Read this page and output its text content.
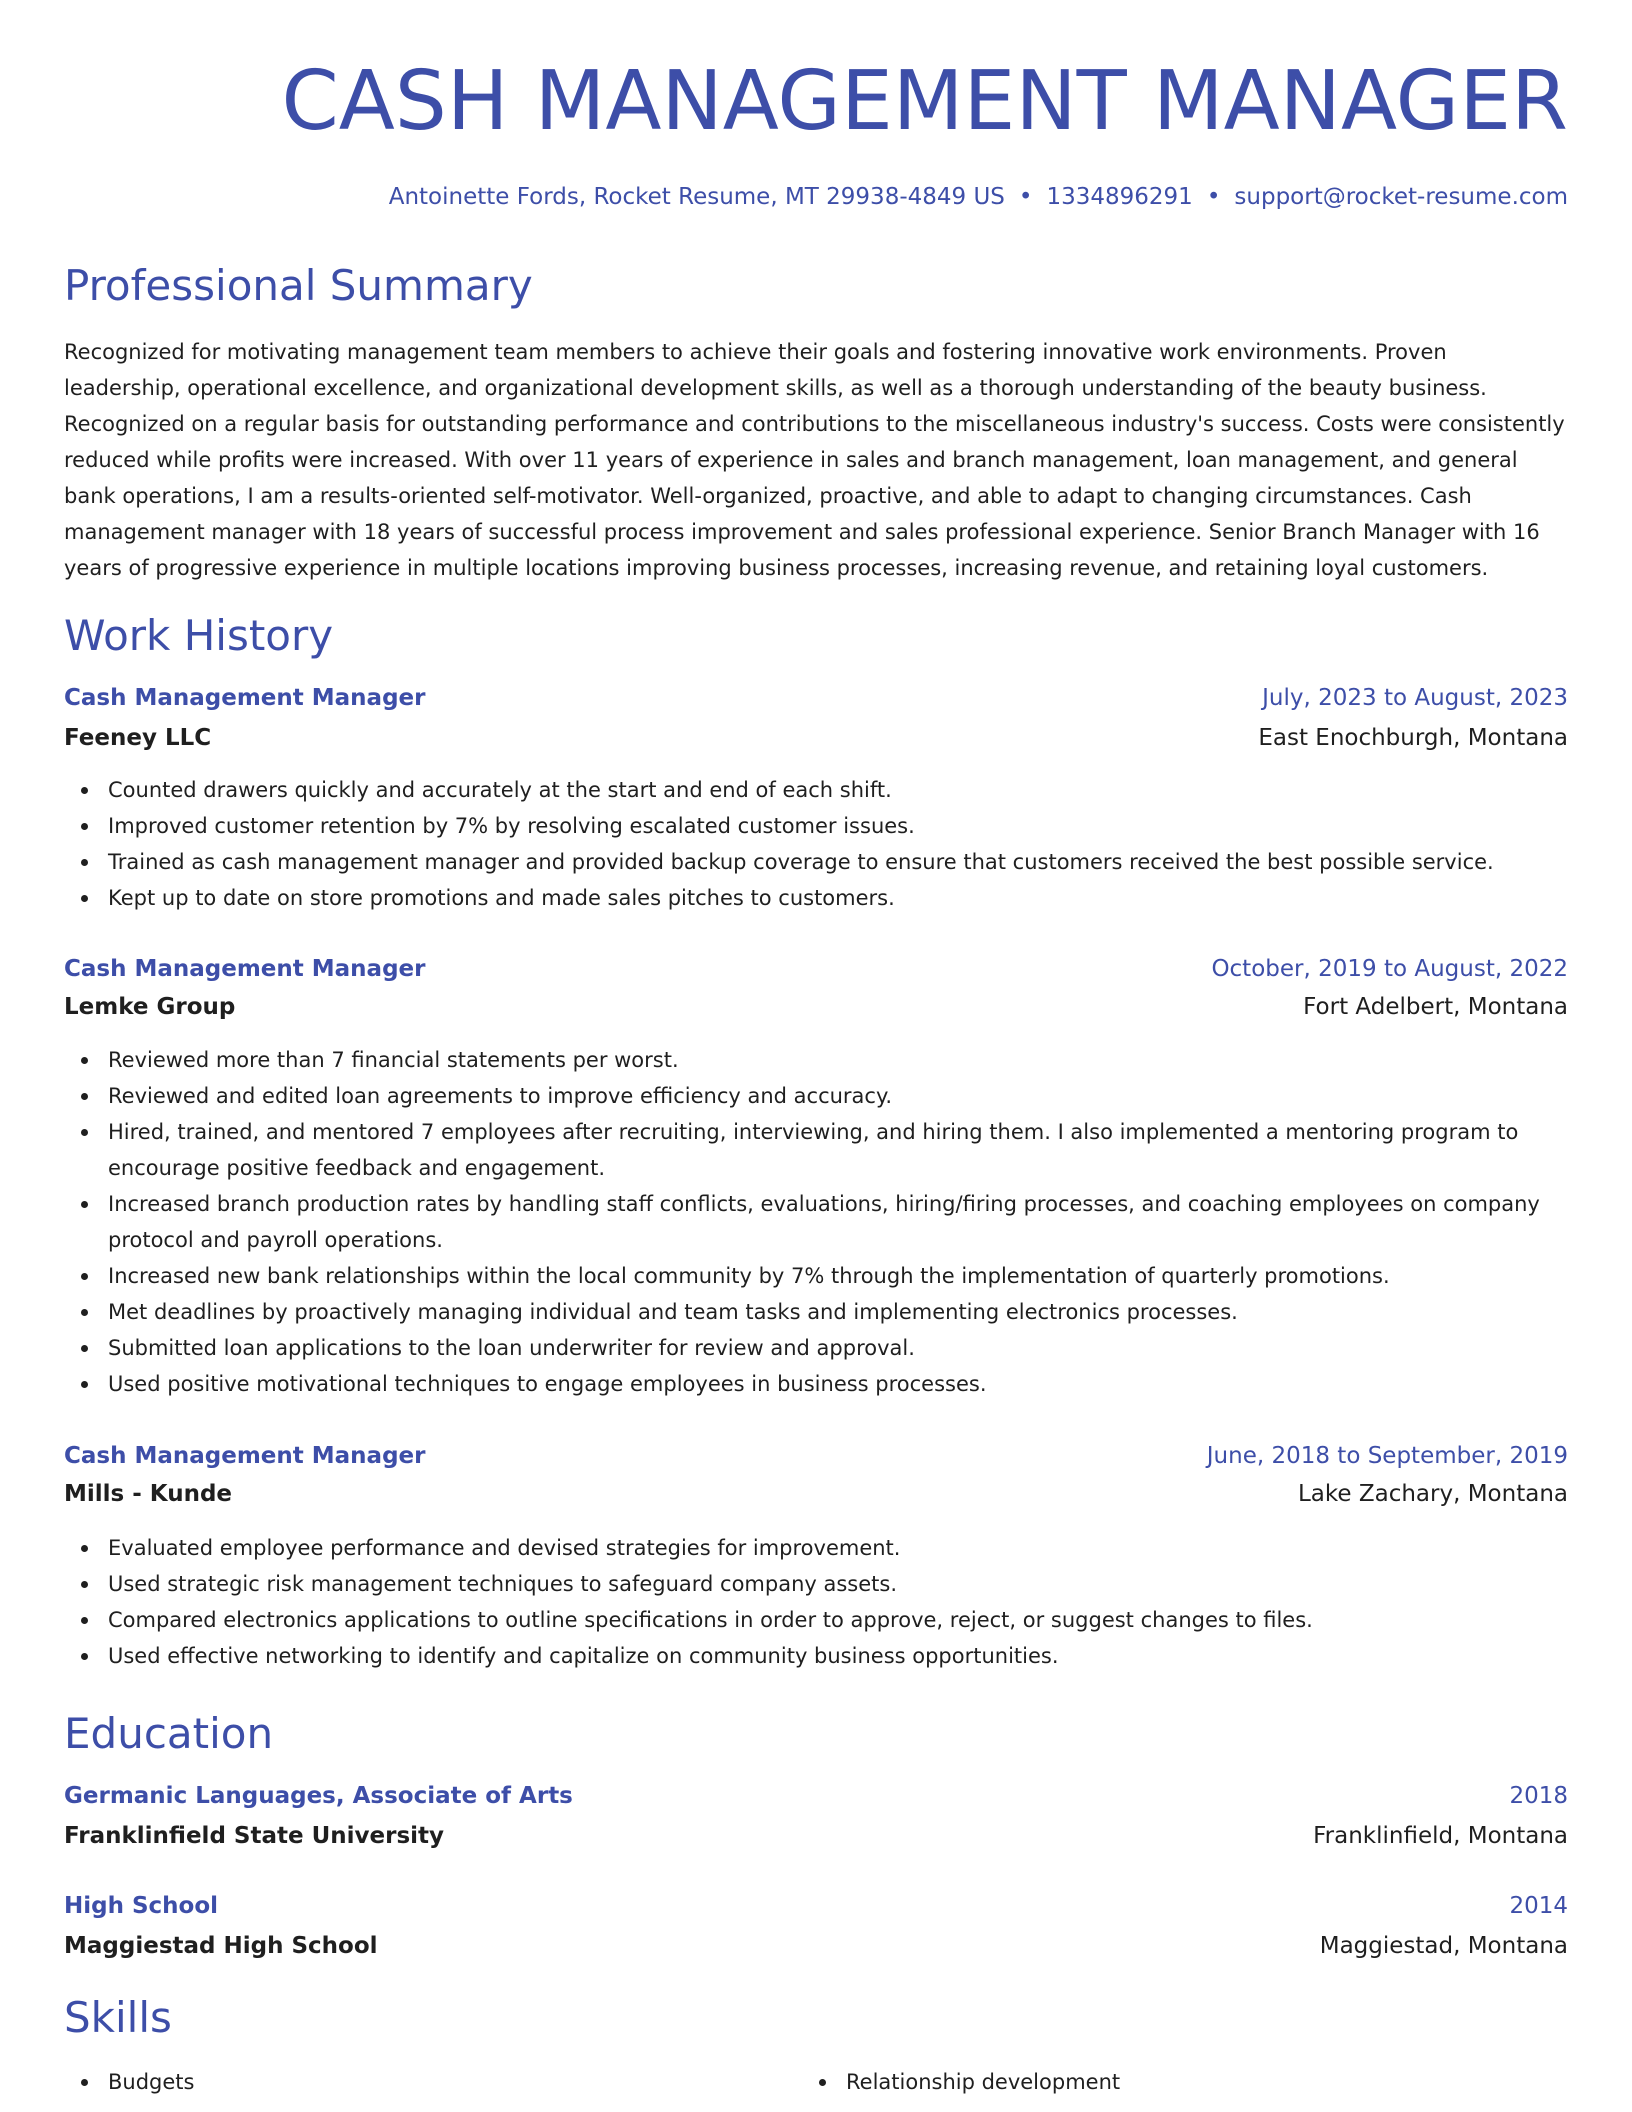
CASH MANAGEMENT MANAGER
Antoinette Fords, Rocket Resume, MT 29938-4849 US • 1334896291 • support@rocket-resume.com
Professional Summary

Recognized for motivating management team members to achieve their goals and fostering innovative work environments. Proven leadership, operational excellence, and organizational development skills, as well as a thorough understanding of the beauty business. Recognized on a regular basis for outstanding performance and contributions to the miscellaneous industry's success. Costs were consistently reduced while profits were increased. With over 11 years of experience in sales and branch management, loan management, and general bank operations, I am a results-oriented self-motivator. Well-organized, proactive, and able to adapt to changing circumstances. Cash management manager with 18 years of successful process improvement and sales professional experience. Senior Branch Manager with 16 years of progressive experience in multiple locations improving business processes, increasing revenue, and retaining loyal customers.

Work History
Cash Management Manager	July, 2023 to August, 2023
Feeney LLC	East Enochburgh, Montana
Counted drawers quickly and accurately at the start and end of each shift.
Improved customer retention by 7% by resolving escalated customer issues.
Trained as cash management manager and provided backup coverage to ensure that customers received the best possible service.
Kept up to date on store promotions and made sales pitches to customers.
Cash Management Manager	October, 2019 to August, 2022
Lemke Group	Fort Adelbert, Montana
Reviewed more than 7 financial statements per worst.
Reviewed and edited loan agreements to improve efficiency and accuracy.
Hired, trained, and mentored 7 employees after recruiting, interviewing, and hiring them. I also implemented a mentoring program to encourage positive feedback and engagement.
Increased branch production rates by handling staff conflicts, evaluations, hiring/firing processes, and coaching employees on company protocol and payroll operations.
Increased new bank relationships within the local community by 7% through the implementation of quarterly promotions.
Met deadlines by proactively managing individual and team tasks and implementing electronics processes.
Submitted loan applications to the loan underwriter for review and approval.
Used positive motivational techniques to engage employees in business processes.
Cash Management Manager	June, 2018 to September, 2019
Mills - Kunde	Lake Zachary, Montana
Evaluated employee performance and devised strategies for improvement.
Used strategic risk management techniques to safeguard company assets.
Compared electronics applications to outline specifications in order to approve, reject, or suggest changes to files.
Used effective networking to identify and capitalize on community business opportunities.
Education
Germanic Languages, Associate of Arts	2018
Franklinfield State University	Franklinfield, Montana
High School	2014
Maggiestad High School	Maggiestad, Montana
Skills
Budgets	Relationship development
